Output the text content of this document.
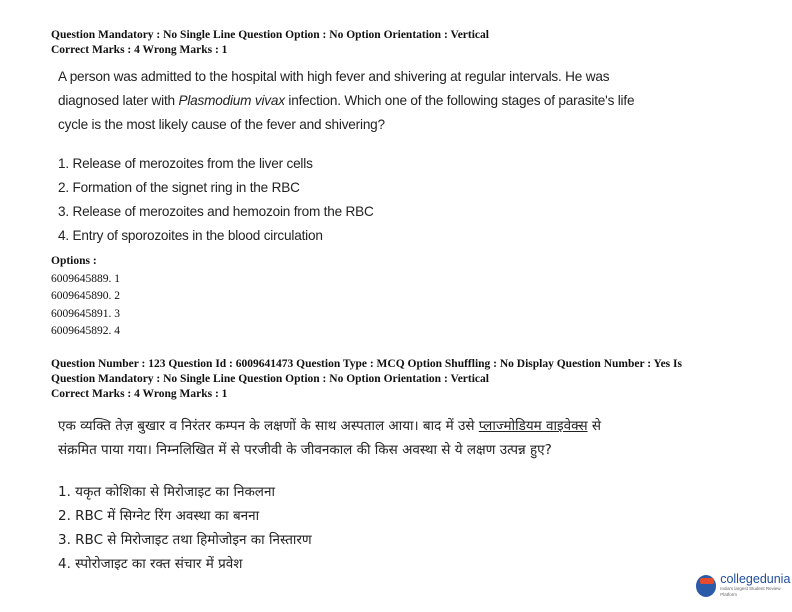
Question Mandatory : No Single Line Question Option : No Option Orientation : Vertical
Correct Marks : 4 Wrong Marks : 1

A person was admitted to the hospital with high fever and shivering at regular intervals. He was

diagnosed later with Plasmodium vivax infection. Which one of the following stages of parasite's life

cycle is the most likely cause of the fever and shivering?

1. Release of merozoites from the liver cells
2. Formation of the signet ring in the RBC
3. Release of merozoites and hemozoin from the RBC
4. Entry of sporozoites in the blood circulation
Options :
6009645889. 1
6009645890. 2
6009645891. 3
6009645892. 4
Question Number : 123 Question Id : 6009641473 Question Type : MCQ Option Shuffling : No Display Question Number : Yes Is
Question Mandatory : No Single Line Question Option : No Option Orientation : Vertical
Correct Marks : 4 Wrong Marks : 1

एक व्यक्ति तेज़ बुखार व निरंतर कम्पन के लक्षणों के साथ अस्पताल आया। बाद में उसे प्लाज्मोडियम वाइवेक्स से

संक्रमित पाया गया। निम्नलिखित में से परजीवी के जीवनकाल की किस अवस्था से ये लक्षण उत्पन्न हुए?

1. यकृत कोशिका से मिरोजाइट का निकलना
2. RBC में सिग्नेट रिंग अवस्था का बनना
3. RBC से मिरोजाइट तथा हिमोजोइन का निस्तारण
4. स्पोरोजाइट का रक्त संचार में प्रवेश
collegedunia
India's largest Student Review Platform
